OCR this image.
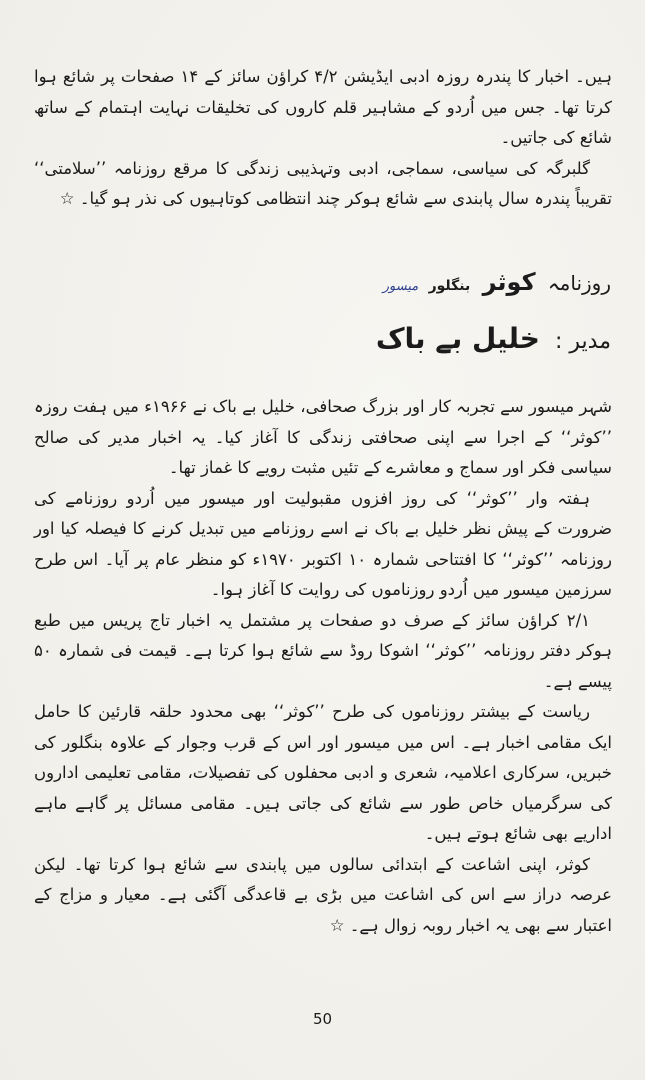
ہیں۔ اخبار کا پندرہ روزہ ادبی ایڈیشن ۴/۲ کراؤن سائز کے ۱۴ صفحات پر شائع ہوا کرتا تھا۔ جس میں اُردو کے مشاہیر قلم کاروں کی تخلیقات نہایت اہتمام کے ساتھ شائع کی جاتیں۔

گلبرگہ کی سیاسی، سماجی، ادبی وتہذیبی زندگی کا مرقع روزنامہ ’’سلامتی‘‘ تقریباً پندرہ سال پابندی سے شائع ہوکر چند انتظامی کوتاہیوں کی نذر ہو گیا۔ ☆

روزنامہ کوثر بنگلور میسور
مدیر : خلیل بے باک

شہر میسور سے تجربہ کار اور بزرگ صحافی، خلیل بے باک نے ۱۹۶۶ء میں ہفت روزہ ’’کوثر‘‘ کے اجرا سے اپنی صحافتی زندگی کا آغاز کیا۔ یہ اخبار مدیر کی صالح سیاسی فکر اور سماج و معاشرے کے تئیں مثبت رویے کا غماز تھا۔

ہفتہ وار ’’کوثر‘‘ کی روز افزوں مقبولیت اور میسور میں اُردو روزنامے کی ضرورت کے پیش نظر خلیل بے باک نے اسے روزنامے میں تبدیل کرنے کا فیصلہ کیا اور روزنامہ ’’کوثر‘‘ کا افتتاحی شمارہ ۱۰ اکتوبر ۱۹۷۰ء کو منظر عام پر آیا۔ اس طرح سرزمین میسور میں اُردو روزناموں کی روایت کا آغاز ہوا۔

۲/۱ کراؤن سائز کے صرف دو صفحات پر مشتمل یہ اخبار تاج پریس میں طبع ہوکر دفتر روزنامہ ’’کوثر‘‘ اشوکا روڈ سے شائع ہوا کرتا ہے۔ قیمت فی شمارہ ۵۰ پیسے ہے۔

ریاست کے بیشتر روزناموں کی طرح ’’کوثر‘‘ بھی محدود حلقہ قارئین کا حامل ایک مقامی اخبار ہے۔ اس میں میسور اور اس کے قرب وجوار کے علاوہ بنگلور کی خبریں، سرکاری اعلامیہ، شعری و ادبی محفلوں کی تفصیلات، مقامی تعلیمی اداروں کی سرگرمیاں خاص طور سے شائع کی جاتی ہیں۔ مقامی مسائل پر گاہے ماہے اداریے بھی شائع ہوتے ہیں۔

کوثر، اپنی اشاعت کے ابتدائی سالوں میں پابندی سے شائع ہوا کرتا تھا۔ لیکن عرصہ دراز سے اس کی اشاعت میں بڑی بے قاعدگی آگئی ہے۔ معیار و مزاج کے اعتبار سے بھی یہ اخبار روبہ زوال ہے۔ ☆

50
